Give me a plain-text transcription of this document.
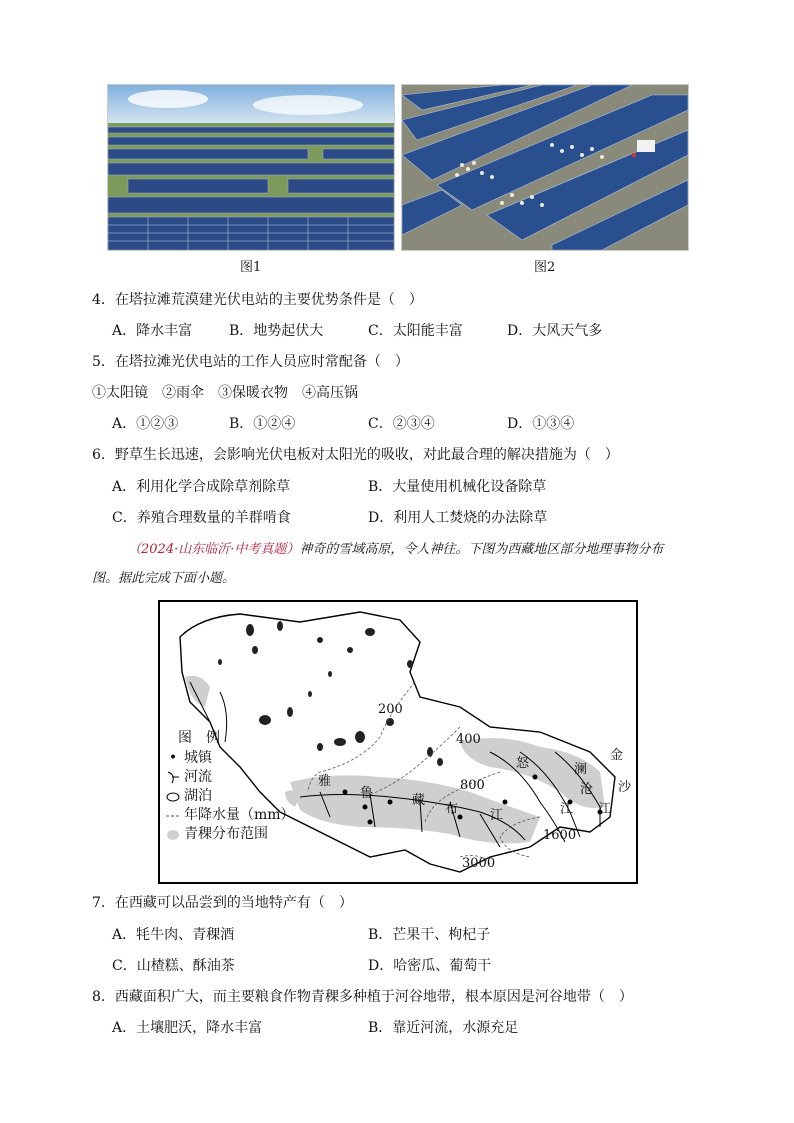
图1	图2
4．在塔拉滩荒漠建光伏电站的主要优势条件是（　）
A．降水丰富	B．地势起伏大	C．太阳能丰富	D．大风天气多
5．在塔拉滩光伏电站的工作人员应时常配备（　）
①太阳镜　②雨伞　③保暖衣物　④高压锅
A．①②③	B．①②④	C．②③④	D．①③④
6．野草生长迅速，会影响光伏电板对太阳光的吸收，对此最合理的解决措施为（　）
A．利用化学合成除草剂除草	B．大量使用机械化设备除草
C．养殖合理数量的羊群啃食	D．利用人工焚烧的办法除草
（2024·山东临沂·中考真题）神奇的雪域高原，令人神往。下图为西藏地区部分地理事物分布
图。据此完成下面小题。
200
400
800
1600
3000
雅
鲁	藏
布 江
怒	澜
沧
江
金
沙
江
图　例
• 城镇
河流
湖泊
年降水量（mm）
青稞分布范围
7．在西藏可以品尝到的当地特产有（　）
A．牦牛肉、青稞酒	B．芒果干、枸杞子
C．山楂糕、酥油茶	D．哈密瓜、葡萄干
8．西藏面积广大，而主要粮食作物青稞多种植于河谷地带，根本原因是河谷地带（　）
A．土壤肥沃，降水丰富	B．靠近河流，水源充足
